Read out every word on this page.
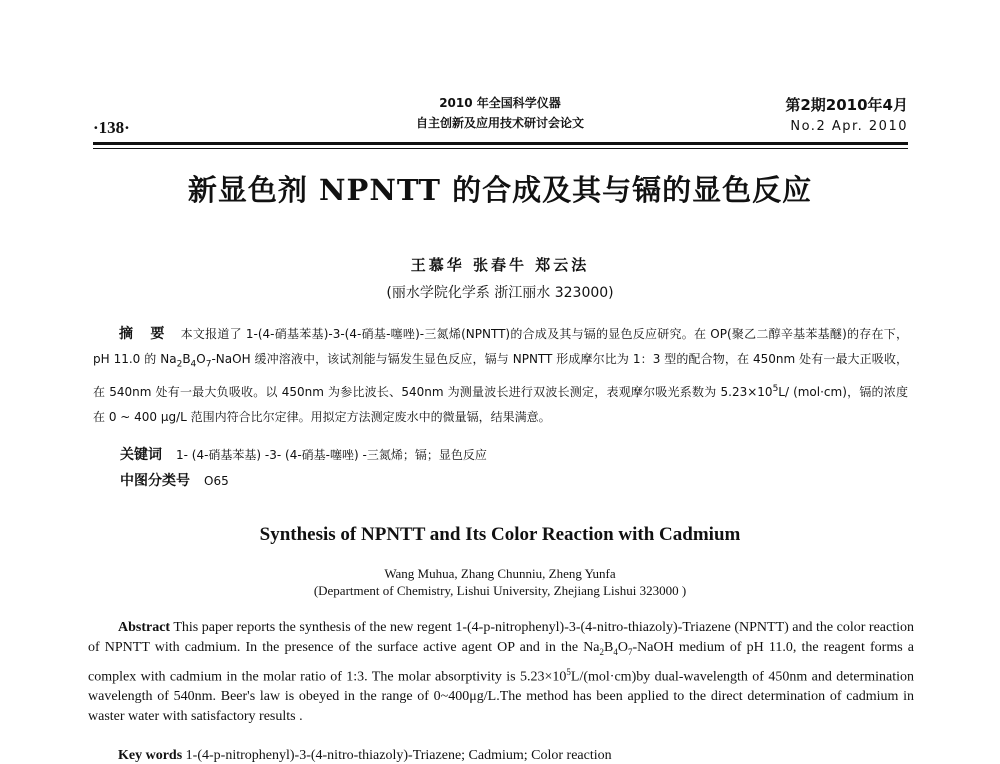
·138·
2010 年全国科学仪器
自主创新及应用技术研讨会论文
第2期2010年4月
No.2 Apr. 2010
新显色剂 NPNTT 的合成及其与镉的显色反应
王慕华 张春牛 郑云法
(丽水学院化学系 浙江丽水 323000)

摘 要 本文报道了 1-(4-硝基苯基)-3-(4-硝基-噻唑)-三氮烯(NPNTT)的合成及其与镉的显色反应研究。在 OP(聚乙二醇辛基苯基醚)的存在下，pH 11.0 的 $Na_2B_4O_7$-NaOH 缓冲溶液中，该试剂能与镉发生显色反应，镉与 NPNTT 形成摩尔比为 1：3 型的配合物，在 450nm 处有一最大正吸收，在 540nm 处有一最大负吸收。以 450nm 为参比波长、540nm 为测量波长进行双波长测定，表观摩尔吸光系数为 $5.23\times 10^5L/$ (mol·cm)，镉的浓度在 0 ~ 400 μg/L 范围内符合比尔定律。用拟定方法测定废水中的微量镉，结果满意。

关键词 1- (4-硝基苯基) -3- (4-硝基-噻唑) -三氮烯；镉；显色反应
中图分类号 O65
Synthesis of NPNTT and Its Color Reaction with Cadmium
Wang Muhua, Zhang Chunniu, Zheng Yunfa
(Department of Chemistry, Lishui University, Zhejiang Lishui 323000 )

Abstract This paper reports the synthesis of the new regent 1-(4-p-nitrophenyl)-3-(4-nitro-thiazoly)-Triazene (NPNTT) and the color reaction of NPNTT with cadmium. In the presence of the surface active agent OP and in the $Na_2B_4O_7$-NaOH medium of pH 11.0, the reagent forms a complex with cadmium in the molar ratio of 1:3. The molar absorptivity is $5.23\times 10^5L/(mol\cdot cm)by$ dual-wavelength of 450nm and determination wavelength of 540nm. Beer's law is obeyed in the range of 0~400μg/L.The method has been applied to the direct determination of cadmium in waster water with satisfactory results .

Key words 1-(4-p-nitrophenyl)-3-(4-nitro-thiazoly)-Triazene; Cadmium; Color reaction
